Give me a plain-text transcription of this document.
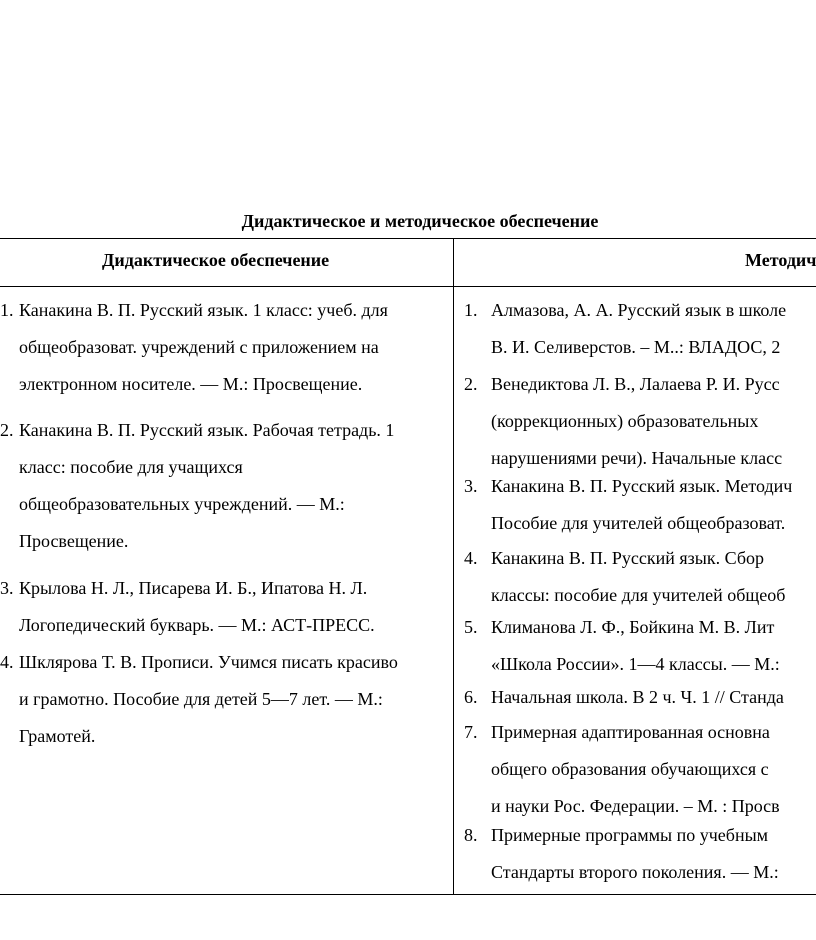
Дидактическое и методическое обеспечение
Дидактическое обеспечение	Методич
1. Канакина В. П. Русский язык. 1 класс: учеб. для
общеобразоват. учреждений с приложением на
электронном носителе. — М.: Просвещение.
2. Канакина В. П. Русский язык. Рабочая тетрадь. 1
класс: пособие для учащихся
общеобразовательных учреждений. — М.:
Просвещение.
3. Крылова Н. Л., Писарева И. Б., Ипатова Н. Л.
Логопедический букварь. — М.: АСТ-ПРЕСС.
4. Шклярова Т. В. Прописи. Учимся писать красиво
и грамотно. Пособие для детей 5—7 лет. — М.:
Грамотей.
1. Алмазова, А. А. Русский язык в школе
В. И. Селиверстов. – М..: ВЛАДОС, 2
2. Венедиктова Л. В., Лалаева Р. И. Русс
(коррекционных) образовательных
нарушениями речи). Начальные класс
3. Канакина В. П. Русский язык. Методич
Пособие для учителей общеобразоват.
4. Канакина В. П. Русский язык. Сбор
классы: пособие для учителей общеоб
5. Климанова Л. Ф., Бойкина М. В. Лит
«Школа России». 1—4 классы. — М.:
6. Начальная школа. В 2 ч. Ч. 1 // Станда
7. Примерная адаптированная основна
общего образования обучающихся с
и науки Рос. Федерации. – М. : Просв
8. Примерные программы по учебным
Стандарты второго поколения. — М.:
